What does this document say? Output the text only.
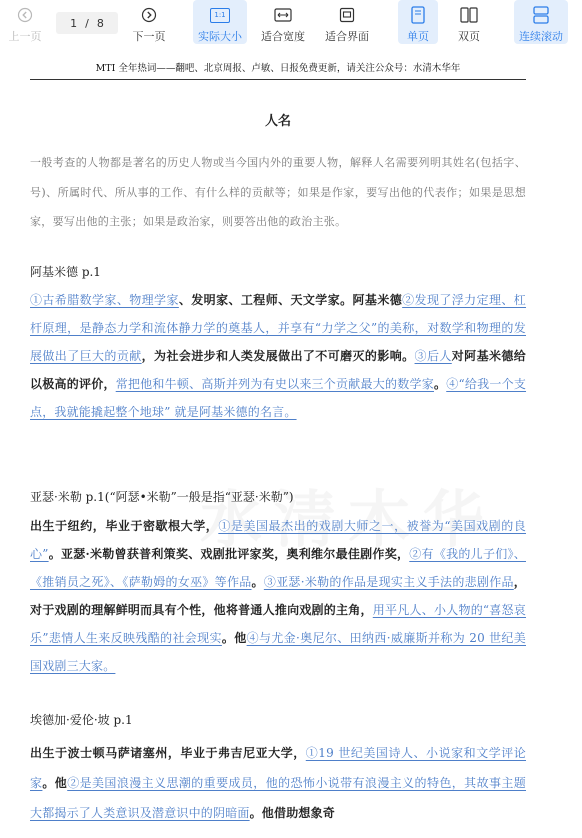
上一页
1 / 8
下一页
1:1
实际大小 适合宽度 适合界面	单页	双页	连续滚动
MTI 全年热词——翻吧、北京周报、卢敏、日报免费更新，请关注公众号：水清木华年
人名
一般考查的人物都是著名的历史人物或当今国内外的重要人物，解释人名需要列明其姓名(包括字、号)、所属时代、所从事的工作、有什么样的贡献等；如果是作家，要写出他的代表作；如果是思想家，要写出他的主张；如果是政治家，则要答出他的政治主张。
阿基米德 p.1
①古希腊数学家、物理学家、发明家、工程师、天文学家。阿基米德②发现了浮力定理、杠杆原理，是静态力学和流体静力学的奠基人，并享有“力学之父”的美称，对数学和物理的发展做出了巨大的贡献，为社会进步和人类发展做出了不可磨灭的影响。③后人对阿基米德给以极高的评价，常把他和牛顿、高斯并列为有史以来三个贡献最大的数学家。④“给我一个支点，我就能撬起整个地球” 就是阿基米德的名言。
亚瑟·米勒 p.1(“阿瑟•米勒”一般是指“亚瑟·米勒”)
出生于纽约，毕业于密歇根大学，①是美国最杰出的戏剧大师之一，被誉为“美国戏剧的良心”。亚瑟·米勒曾获普利策奖、戏剧批评家奖，奥利维尔最佳剧作奖，②有《我的儿子们》、《推销员之死》、《萨勒姆的女巫》等作品。③亚瑟·米勒的作品是现实主义手法的悲剧作品，对于戏剧的理解鲜明而具有个性，他将普通人推向戏剧的主角，用平凡人、小人物的“喜怒哀乐”悲情人生来反映残酷的社会现实。他④与尤金·奥尼尔、田纳西·威廉斯并称为 20 世纪美国戏剧三大家。
埃德加·爱伦·坡 p.1
出生于波士顿马萨诸塞州，毕业于弗吉尼亚大学，①19 世纪美国诗人、小说家和文学评论家。他②是美国浪漫主义思潮的重要成员，他的恐怖小说带有浪漫主义的特色，其故事主题大都揭示了人类意识及潜意识中的阴暗面。他借助想象奇
